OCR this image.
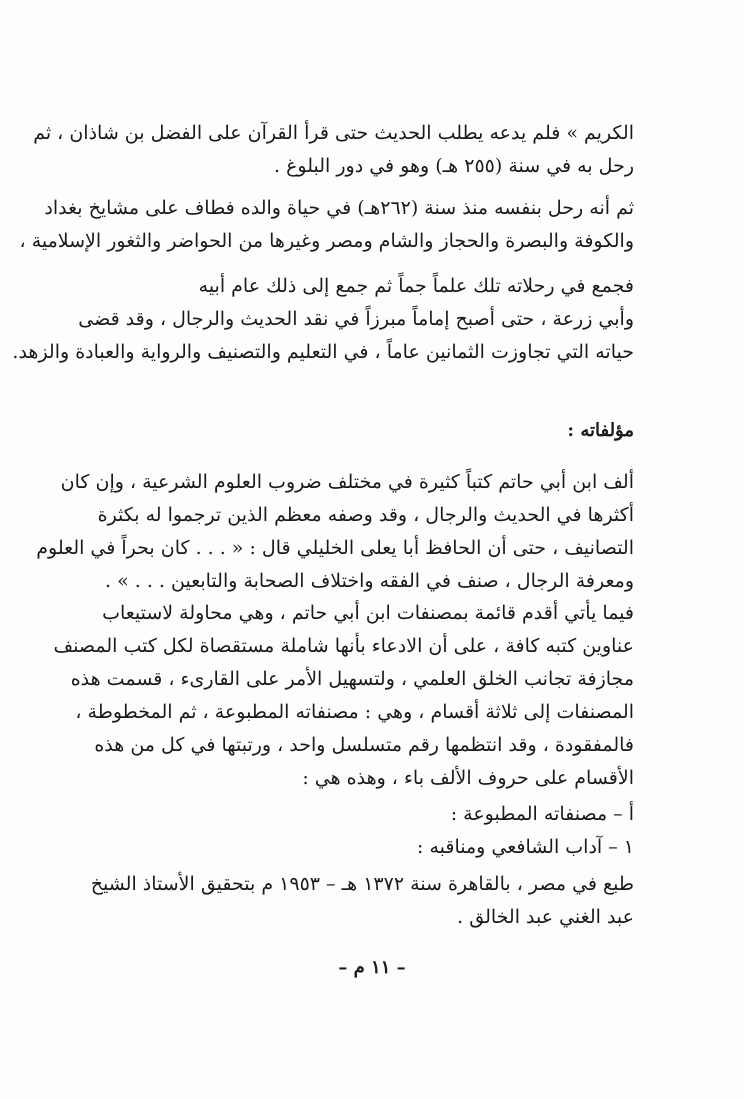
الكريم » فلم يدعه يطلب الحديث حتى قرأ القرآن على الفضل بن شاذان ، ثم
رحل به في سنة (٢٥٥ هـ) وهو في دور البلوغ .
ثم أنه رحل بنفسه منذ سنة (٢٦٢هـ) في حياة والده فطاف على مشايخ بغداد
والكوفة والبصرة والحجاز والشام ومصر وغيرها من الحواضر والثغور الإسلامية ،
فجمع في رحلاته تلك علماً جماً ثم جمع إلى ذلك عام أبيه
وأبي زرعة ، حتى أصبح إماماً مبرزاً في نقد الحديث والرجال ، وقد قضى
حياته التي تجاوزت الثمانين عاماً ، في التعليم والتصنيف والرواية والعبادة والزهد.
مؤلفاته :
ألف ابن أبي حاتم كتباً كثيرة في مختلف ضروب العلوم الشرعية ، وإن كان
أكثرها في الحديث والرجال ، وقد وصفه معظم الذين ترجموا له بكثرة
التصانيف ، حتى أن الحافظ أبا يعلى الخليلي قال : « . . . كان بحراً في العلوم
ومعرفة الرجال ، صنف في الفقه واختلاف الصحابة والتابعين . . . » .
فيما يأتي أقدم قائمة بمصنفات ابن أبي حاتم ، وهي محاولة لاستيعاب
عناوين كتبه كافة ، على أن الادعاء بأنها شاملة مستقصاة لكل كتب المصنف
مجازفة تجانب الخلق العلمي ، ولتسهيل الأمر على القارىء ، قسمت هذه
المصنفات إلى ثلاثة أقسام ، وهي : مصنفاته المطبوعة ، ثم المخطوطة ،
فالمفقودة ، وقد انتظمها رقم متسلسل واحد ، ورتبتها في كل من هذه
الأقسام على حروف الألف باء ، وهذه هي :
أ – مصنفاته المطبوعة :
١ – آداب الشافعي ومناقبه :
طبع في مصر ، بالقاهرة سنة ١٣٧٢ هـ – ١٩٥٣ م بتحقيق الأستاذ الشيخ
عبد الغني عبد الخالق .
– ١١ م –
